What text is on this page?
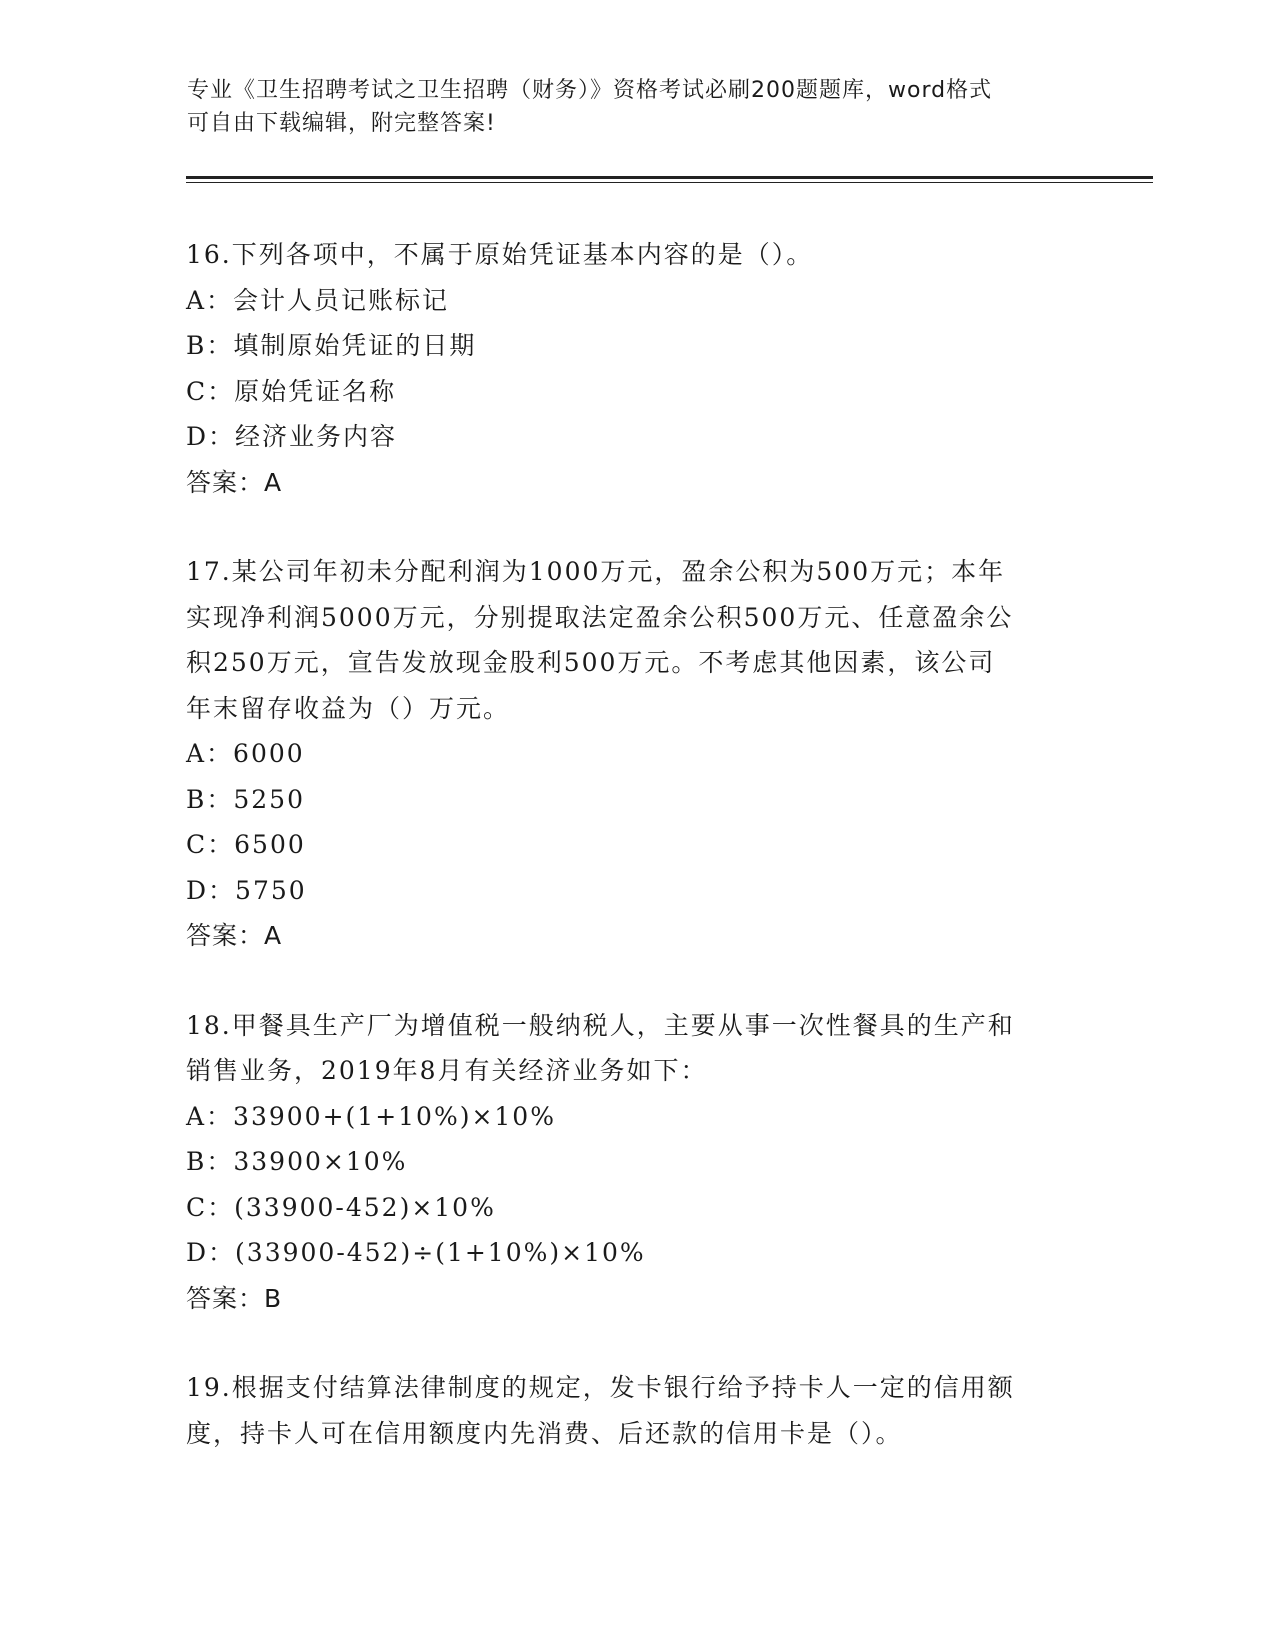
专业《卫生招聘考试之卫生招聘（财务）》资格考试必刷200题题库，word格式
可自由下载编辑，附完整答案!
16.下列各项中，不属于原始凭证基本内容的是（）。
A：会计人员记账标记
B：填制原始凭证的日期
C：原始凭证名称
D：经济业务内容
答案：A
17.某公司年初未分配利润为1000万元，盈余公积为500万元；本年
实现净利润5000万元，分别提取法定盈余公积500万元、任意盈余公
积250万元，宣告发放现金股利500万元。不考虑其他因素，该公司
年末留存收益为（）万元。
A：6000
B：5250
C：6500
D：5750
答案：A
18.甲餐具生产厂为增值税一般纳税人，主要从事一次性餐具的生产和
销售业务，2019年8月有关经济业务如下：
A：33900+(1+10%)×10%
B：33900×10%
C：(33900-452)×10%
D：(33900-452)÷(1+10%)×10%
答案：B
19.根据支付结算法律制度的规定，发卡银行给予持卡人一定的信用额
度，持卡人可在信用额度内先消费、后还款的信用卡是（）。
